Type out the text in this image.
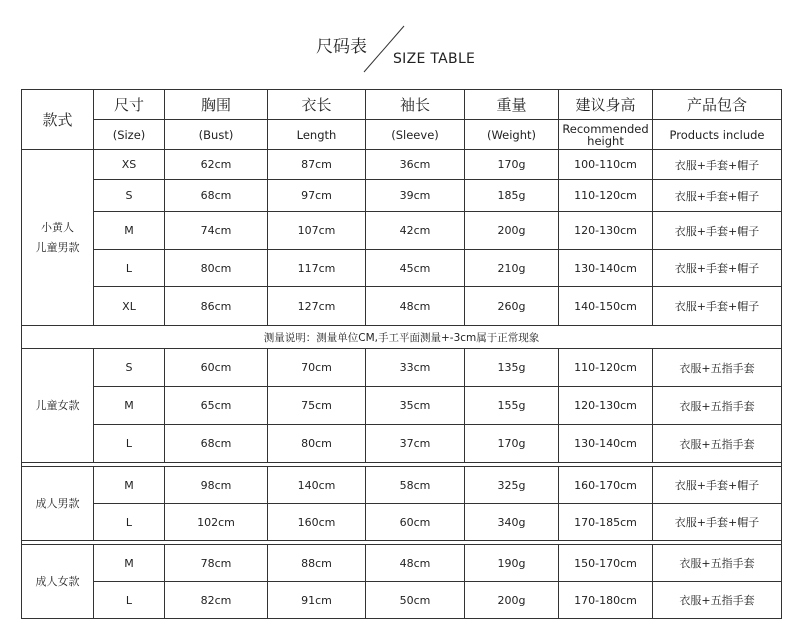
尺码表
SIZE TABLE
款式	尺寸	胸围	衣长	袖长	重量	建议身高	产品包含
	(Size)	(Bust)	Length	(Sleeve)	(Weight)	Recommended height	Products include
小黄人
儿童男款	XS	62cm	87cm	36cm	170g	100-110cm	衣服+手套+帽子
	S	68cm	97cm	39cm	185g	110-120cm	衣服+手套+帽子
	M	74cm	107cm	42cm	200g	120-130cm	衣服+手套+帽子
	L	80cm	117cm	45cm	210g	130-140cm	衣服+手套+帽子
	XL	86cm	127cm	48cm	260g	140-150cm	衣服+手套+帽子
测量说明：测量单位CM,手工平面测量+-3cm属于正常现象							
儿童女款	S	60cm	70cm	33cm	135g	110-120cm	衣服+五指手套
	M	65cm	75cm	35cm	155g	120-130cm	衣服+五指手套
	L	68cm	80cm	37cm	170g	130-140cm	衣服+五指手套

成人男款	M	98cm	140cm	58cm	325g	160-170cm	衣服+手套+帽子
	L	102cm	160cm	60cm	340g	170-185cm	衣服+手套+帽子

成人女款	M	78cm	88cm	48cm	190g	150-170cm	衣服+五指手套
	L	82cm	91cm	50cm	200g	170-180cm	衣服+五指手套
